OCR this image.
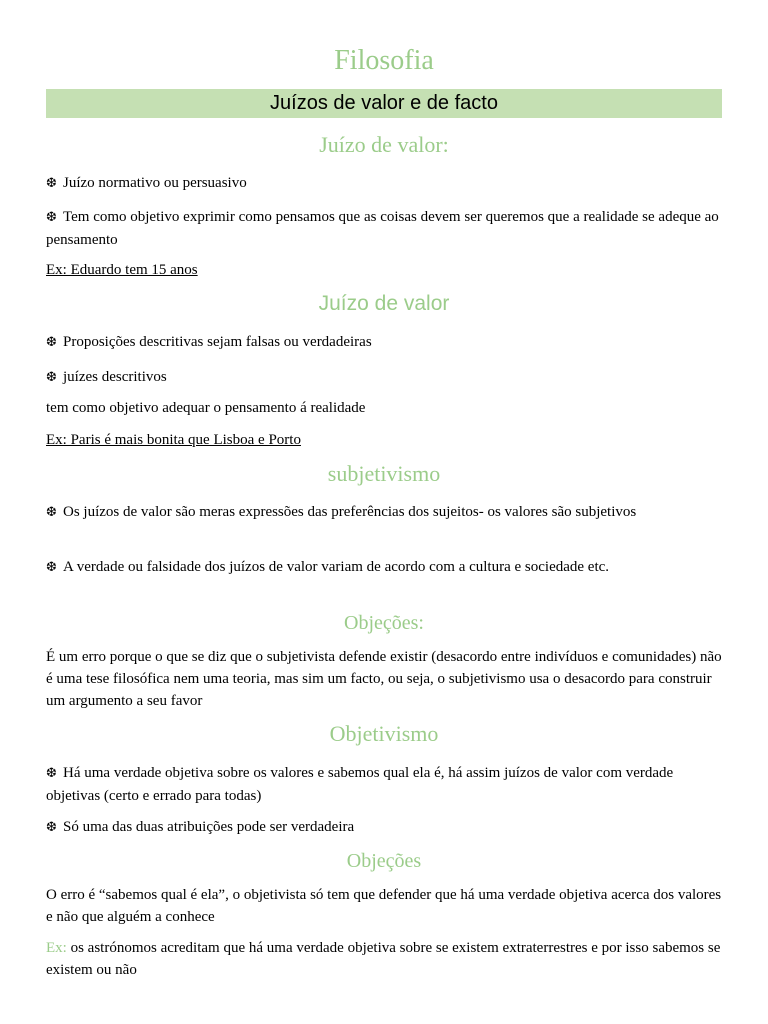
Filosofia
Juízos de valor e de facto
Juízo de valor:
❆ Juízo normativo ou persuasivo
❆ Tem como objetivo exprimir como pensamos que as coisas devem ser queremos que a realidade se adeque ao pensamento
Ex: Eduardo tem 15 anos
Juízo de valor
❆ Proposições descritivas sejam falsas ou verdadeiras
❆ juízes descritivos
tem como objetivo adequar o pensamento á realidade
Ex: Paris é mais bonita que Lisboa e Porto
subjetivismo
❆ Os juízos de valor são meras expressões das preferências dos sujeitos- os valores são subjetivos
❆ A verdade ou falsidade dos juízos de valor variam de acordo com a cultura e sociedade etc.
Objeções:
É um erro porque o que se diz que o subjetivista defende existir (desacordo entre indivíduos e comunidades) não é uma tese filosófica nem uma teoria, mas sim um facto, ou seja, o subjetivismo usa o desacordo para construir um argumento a seu favor
Objetivismo
❆ Há uma verdade objetiva sobre os valores e sabemos qual ela é, há assim juízos de valor com verdade objetivas (certo e errado para todas)
❆ Só uma das duas atribuições pode ser verdadeira
Objeções
O erro é “sabemos qual é ela”, o objetivista só tem que defender que há uma verdade objetiva acerca dos valores e não que alguém a conhece
Ex: os astrónomos acreditam que há uma verdade objetiva sobre se existem extraterrestres e por isso sabemos se existem ou não
